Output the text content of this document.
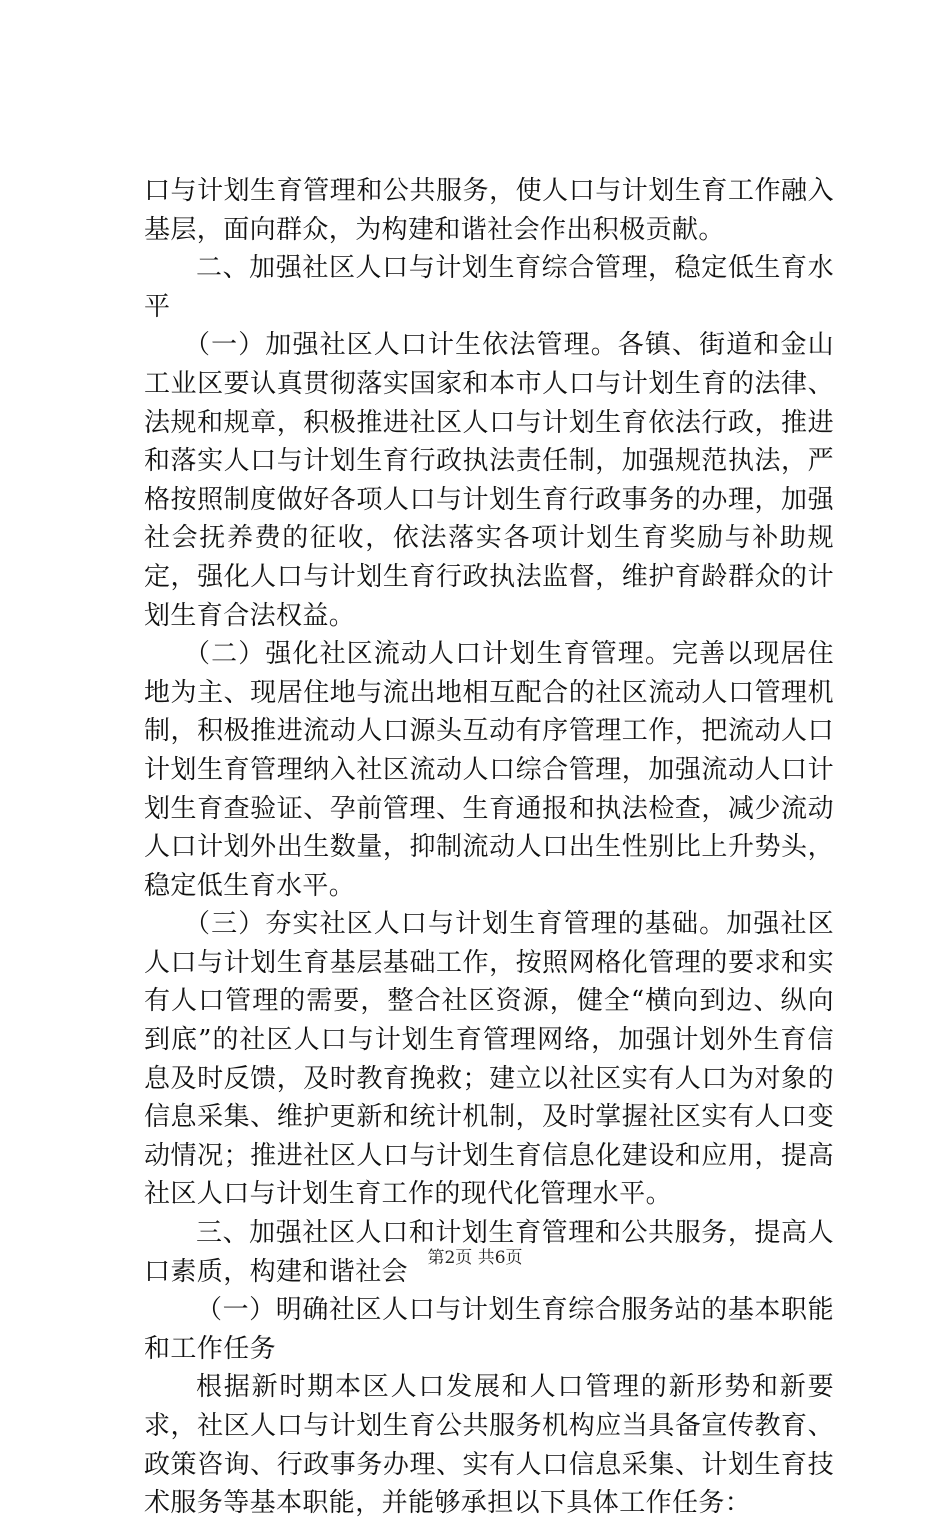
口与计划生育管理和公共服务，使人口与计划生育工作融入基层，面向群众，为构建和谐社会作出积极贡献。

二、加强社区人口与计划生育综合管理，稳定低生育水平

（一）加强社区人口计生依法管理。各镇、街道和金山工业区要认真贯彻落实国家和本市人口与计划生育的法律、法规和规章，积极推进社区人口与计划生育依法行政，推进和落实人口与计划生育行政执法责任制，加强规范执法，严格按照制度做好各项人口与计划生育行政事务的办理，加强社会抚养费的征收，依法落实各项计划生育奖励与补助规定，强化人口与计划生育行政执法监督，维护育龄群众的计划生育合法权益。

（二）强化社区流动人口计划生育管理。完善以现居住地为主、现居住地与流出地相互配合的社区流动人口管理机制，积极推进流动人口源头互动有序管理工作，把流动人口计划生育管理纳入社区流动人口综合管理，加强流动人口计划生育查验证、孕前管理、生育通报和执法检查，减少流动人口计划外出生数量，抑制流动人口出生性别比上升势头，稳定低生育水平。

（三）夯实社区人口与计划生育管理的基础。加强社区人口与计划生育基层基础工作，按照网格化管理的要求和实有人口管理的需要，整合社区资源，健全“横向到边、纵向到底”的社区人口与计划生育管理网络，加强计划外生育信息及时反馈，及时教育挽救；建立以社区实有人口为对象的信息采集、维护更新和统计机制，及时掌握社区实有人口变动情况；推进社区人口与计划生育信息化建设和应用，提高社区人口与计划生育工作的现代化管理水平。

三、加强社区人口和计划生育管理和公共服务，提高人口素质，构建和谐社会

（一）明确社区人口与计划生育综合服务站的基本职能和工作任务

根据新时期本区人口发展和人口管理的新形势和新要求，社区人口与计划生育公共服务机构应当具备宣传教育、政策咨询、行政事务办理、实有人口信息采集、计划生育技术服务等基本职能，并能够承担以下具体工作任务：

第2页 共6页
